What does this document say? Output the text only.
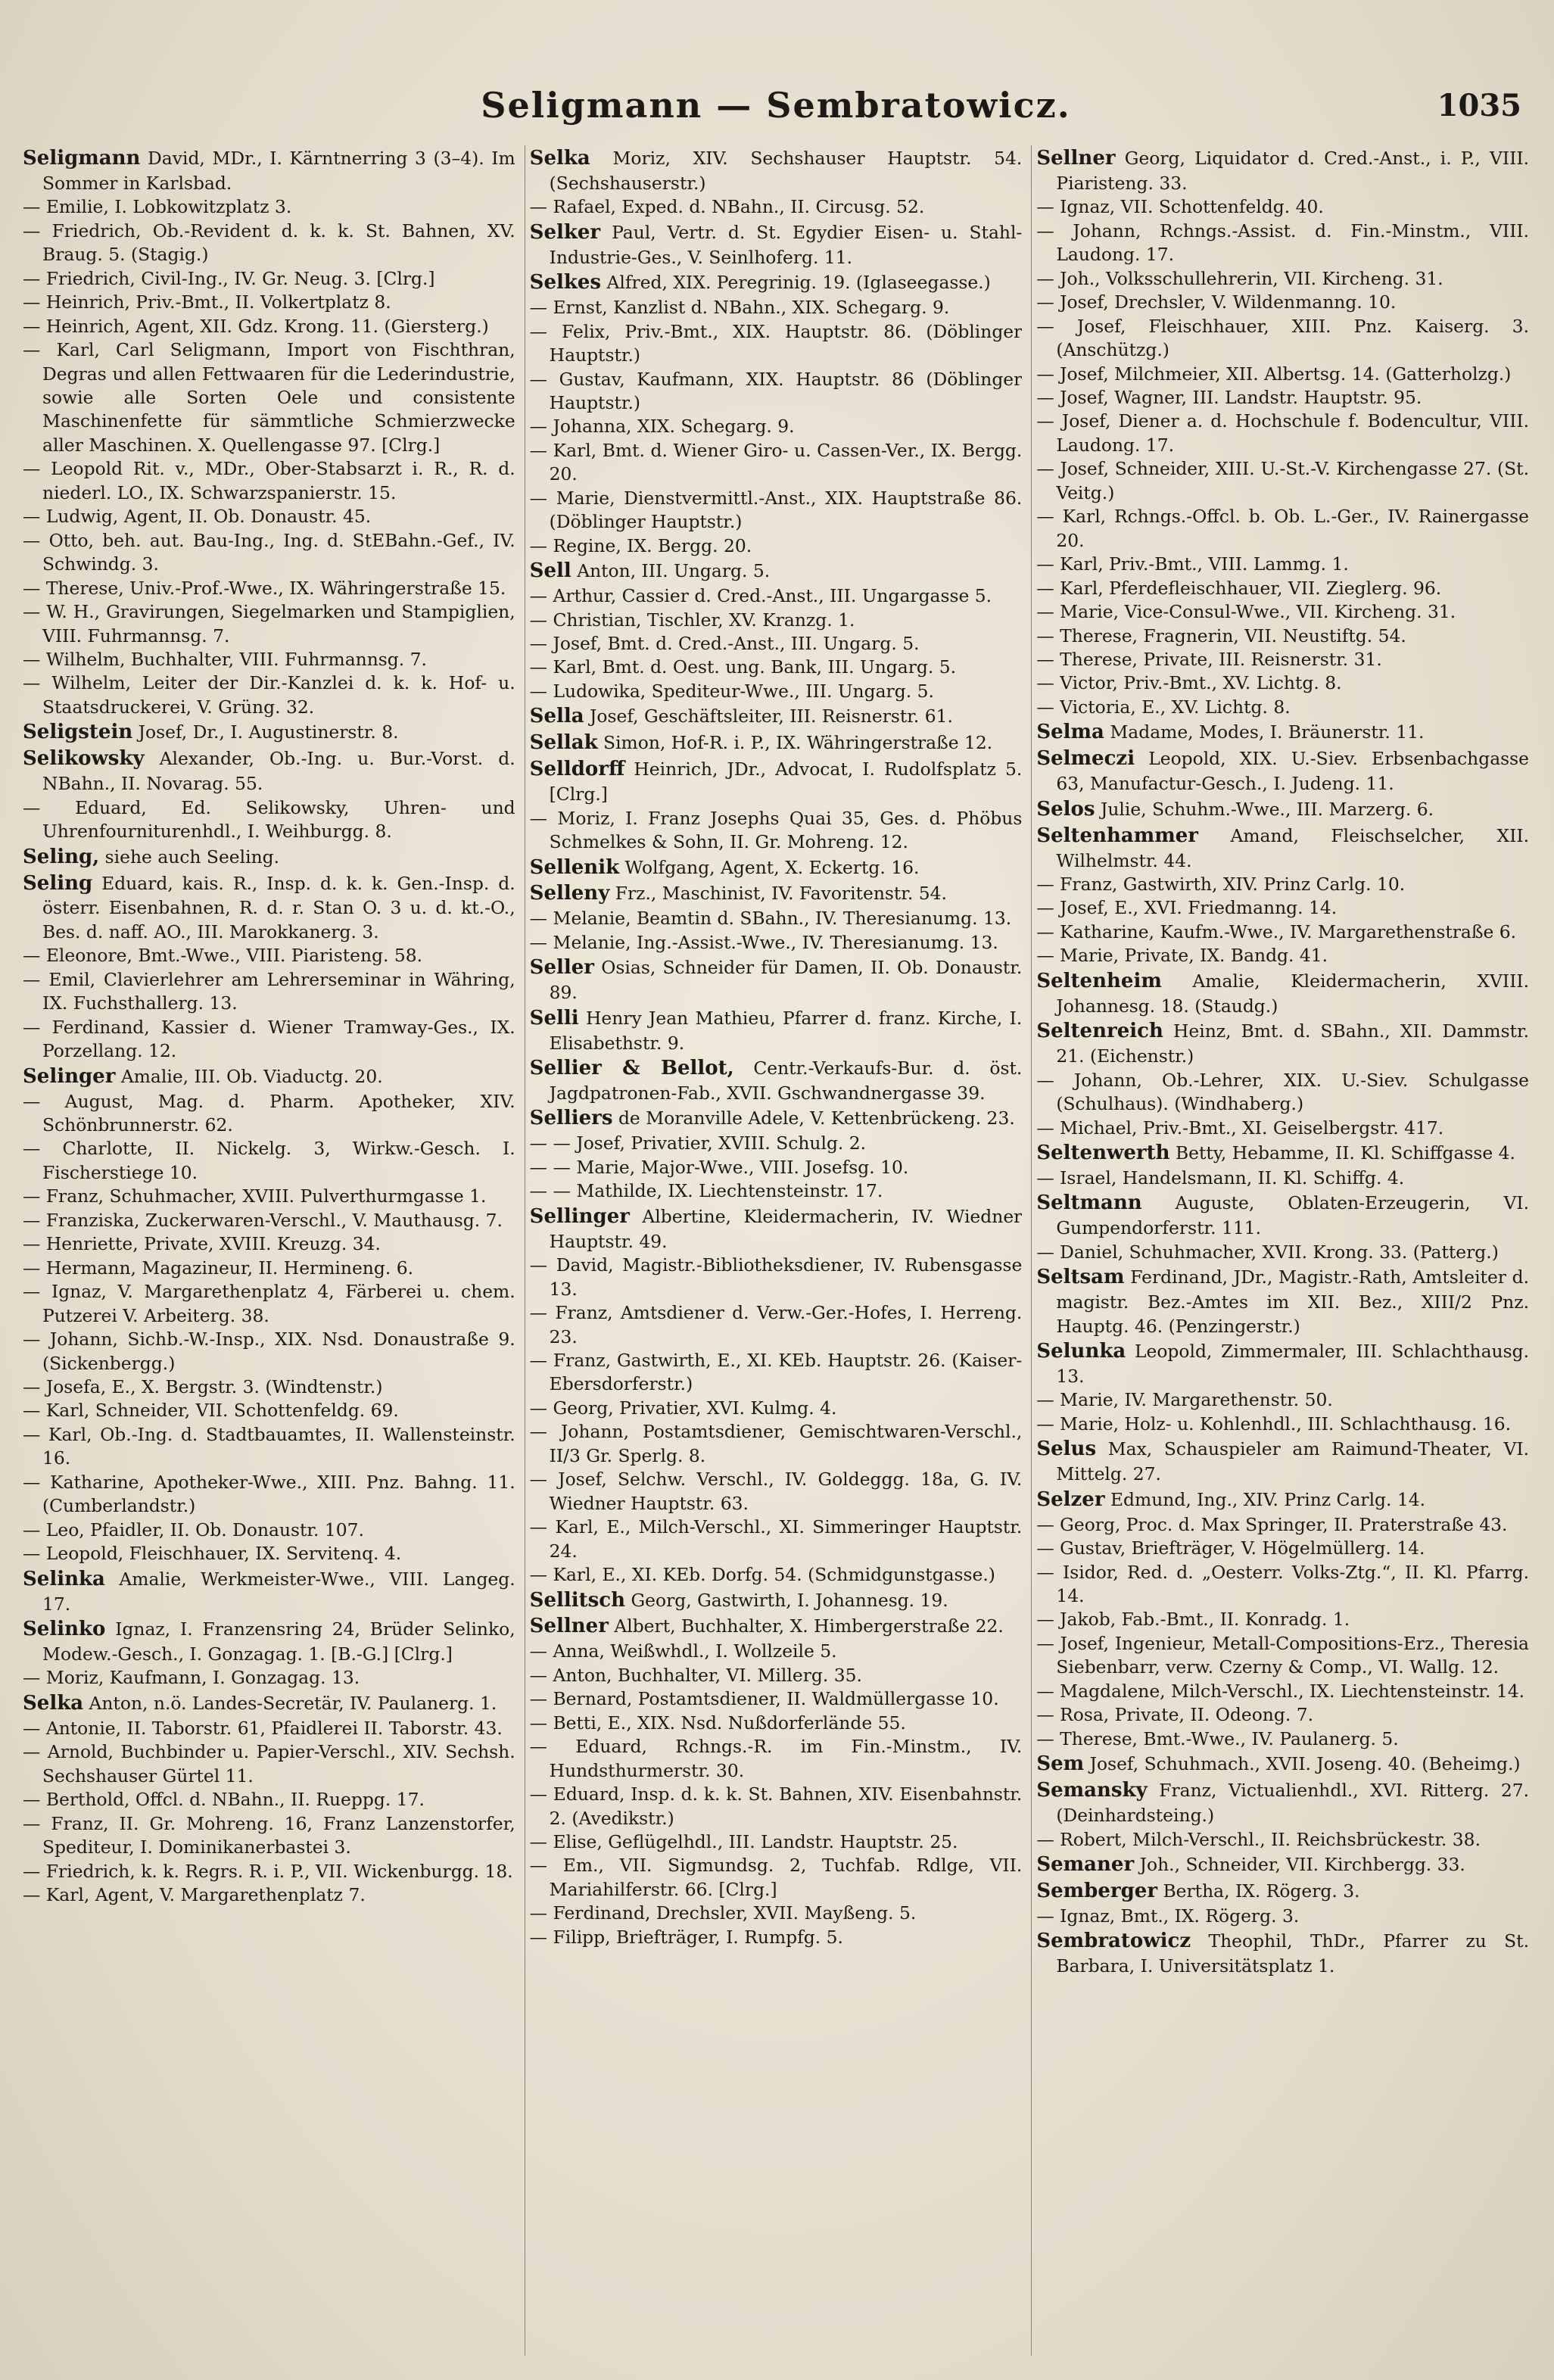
Seligmann — Sembratowicz.	1035

Seligmann David, MDr., I. Kärntnerring 3 (3–4). Im Sommer in Karlsbad.

— Emilie, I. Lobkowitzplatz 3.

— Friedrich, Ob.-Revident d. k. k. St. Bahnen, XV. Braug. 5. (Stagig.)

— Friedrich, Civil-Ing., IV. Gr. Neug. 3. [Clrg.]

— Heinrich, Priv.-Bmt., II. Volkertplatz 8.

— Heinrich, Agent, XII. Gdz. Krong. 11. (Giersterg.)

— Karl, Carl Seligmann, Import von Fischthran, Degras und allen Fettwaaren für die Lederindustrie, sowie alle Sorten Oele und consistente Maschinenfette für sämmtliche Schmierzwecke aller Maschinen. X. Quellengasse 97. [Clrg.]

— Leopold Rit. v., MDr., Ober-Stabsarzt i. R., R. d. niederl. LO., IX. Schwarzspanierstr. 15.

— Ludwig, Agent, II. Ob. Donaustr. 45.

— Otto, beh. aut. Bau-Ing., Ing. d. StEBahn.-Gef., IV. Schwindg. 3.

— Therese, Univ.-Prof.-Wwe., IX. Währingerstraße 15.

— W. H., Gravirungen, Siegelmarken und Stampiglien, VIII. Fuhrmannsg. 7.

— Wilhelm, Buchhalter, VIII. Fuhrmannsg. 7.

— Wilhelm, Leiter der Dir.-Kanzlei d. k. k. Hof- u. Staatsdruckerei, V. Grüng. 32.

Seligstein Josef, Dr., I. Augustinerstr. 8.

Selikowsky Alexander, Ob.-Ing. u. Bur.-Vorst. d. NBahn., II. Novarag. 55.

— Eduard, Ed. Selikowsky, Uhren- und Uhrenfourniturenhdl., I. Weihburgg. 8.

Seling, siehe auch Seeling.

Seling Eduard, kais. R., Insp. d. k. k. Gen.-Insp. d. österr. Eisenbahnen, R. d. r. Stan O. 3 u. d. kt.-O., Bes. d. naff. AO., III. Marokkanerg. 3.

— Eleonore, Bmt.-Wwe., VIII. Piaristeng. 58.

— Emil, Clavierlehrer am Lehrerseminar in Währing, IX. Fuchsthallerg. 13.

— Ferdinand, Kassier d. Wiener Tramway-Ges., IX. Porzellang. 12.

Selinger Amalie, III. Ob. Viaductg. 20.

— August, Mag. d. Pharm. Apotheker, XIV. Schönbrunnerstr. 62.

— Charlotte, II. Nickelg. 3, Wirkw.-Gesch. I. Fischerstiege 10.

— Franz, Schuhmacher, XVIII. Pulverthurmgasse 1.

— Franziska, Zuckerwaren-Verschl., V. Mauthausg. 7.

— Henriette, Private, XVIII. Kreuzg. 34.

— Hermann, Magazineur, II. Hermineng. 6.

— Ignaz, V. Margarethenplatz 4, Färberei u. chem. Putzerei V. Arbeiterg. 38.

— Johann, Sichb.-W.-Insp., XIX. Nsd. Donaustraße 9. (Sickenbergg.)

— Josefa, E., X. Bergstr. 3. (Windtenstr.)

— Karl, Schneider, VII. Schottenfeldg. 69.

— Karl, Ob.-Ing. d. Stadtbauamtes, II. Wallensteinstr. 16.

— Katharine, Apotheker-Wwe., XIII. Pnz. Bahng. 11. (Cumberlandstr.)

— Leo, Pfaidler, II. Ob. Donaustr. 107.

— Leopold, Fleischhauer, IX. Servitenq. 4.

Selinka Amalie, Werkmeister-Wwe., VIII. Langeg. 17.

Selinko Ignaz, I. Franzensring 24, Brüder Selinko, Modew.-Gesch., I. Gonzagag. 1. [B.-G.] [Clrg.]

— Moriz, Kaufmann, I. Gonzagag. 13.

Selka Anton, n.ö. Landes-Secretär, IV. Paulanerg. 1.

— Antonie, II. Taborstr. 61, Pfaidlerei II. Taborstr. 43.

— Arnold, Buchbinder u. Papier-Verschl., XIV. Sechsh. Sechshauser Gürtel 11.

— Berthold, Offcl. d. NBahn., II. Rueppg. 17.

— Franz, II. Gr. Mohreng. 16, Franz Lanzenstorfer, Spediteur, I. Dominikanerbastei 3.

— Friedrich, k. k. Regrs. R. i. P., VII. Wickenburgg. 18.

— Karl, Agent, V. Margarethenplatz 7.

Selka Moriz, XIV. Sechshauser Hauptstr. 54. (Sechshauserstr.)

— Rafael, Exped. d. NBahn., II. Circusg. 52.

Selker Paul, Vertr. d. St. Egydier Eisen- u. Stahl-Industrie-Ges., V. Seinlhoferg. 11.

Selkes Alfred, XIX. Peregrinig. 19. (Iglaseegasse.)

— Ernst, Kanzlist d. NBahn., XIX. Schegarg. 9.

— Felix, Priv.-Bmt., XIX. Hauptstr. 86. (Döblinger Hauptstr.)

— Gustav, Kaufmann, XIX. Hauptstr. 86 (Döblinger Hauptstr.)

— Johanna, XIX. Schegarg. 9.

— Karl, Bmt. d. Wiener Giro- u. Cassen-Ver., IX. Bergg. 20.

— Marie, Dienstvermittl.-Anst., XIX. Hauptstraße 86. (Döblinger Hauptstr.)

— Regine, IX. Bergg. 20.

Sell Anton, III. Ungarg. 5.

— Arthur, Cassier d. Cred.-Anst., III. Ungargasse 5.

— Christian, Tischler, XV. Kranzg. 1.

— Josef, Bmt. d. Cred.-Anst., III. Ungarg. 5.

— Karl, Bmt. d. Oest. ung. Bank, III. Ungarg. 5.

— Ludowika, Spediteur-Wwe., III. Ungarg. 5.

Sella Josef, Geschäftsleiter, III. Reisnerstr. 61.

Sellak Simon, Hof-R. i. P., IX. Währingerstraße 12.

Selldorff Heinrich, JDr., Advocat, I. Rudolfsplatz 5. [Clrg.]

— Moriz, I. Franz Josephs Quai 35, Ges. d. Phöbus Schmelkes & Sohn, II. Gr. Mohreng. 12.

Sellenik Wolfgang, Agent, X. Eckertg. 16.

Selleny Frz., Maschinist, IV. Favoritenstr. 54.

— Melanie, Beamtin d. SBahn., IV. Theresianumg. 13.

— Melanie, Ing.-Assist.-Wwe., IV. Theresianumg. 13.

Seller Osias, Schneider für Damen, II. Ob. Donaustr. 89.

Selli Henry Jean Mathieu, Pfarrer d. franz. Kirche, I. Elisabethstr. 9.

Sellier & Bellot, Centr.-Verkaufs-Bur. d. öst. Jagdpatronen-Fab., XVII. Gschwandnergasse 39.

Selliers de Moranville Adele, V. Kettenbrückeng. 23.

— — Josef, Privatier, XVIII. Schulg. 2.

— — Marie, Major-Wwe., VIII. Josefsg. 10.

— — Mathilde, IX. Liechtensteinstr. 17.

Sellinger Albertine, Kleidermacherin, IV. Wiedner Hauptstr. 49.

— David, Magistr.-Bibliotheksdiener, IV. Rubensgasse 13.

— Franz, Amtsdiener d. Verw.-Ger.-Hofes, I. Herreng. 23.

— Franz, Gastwirth, E., XI. KEb. Hauptstr. 26. (Kaiser-Ebersdorferstr.)

— Georg, Privatier, XVI. Kulmg. 4.

— Johann, Postamtsdiener, Gemischtwaren-Verschl., II/3 Gr. Sperlg. 8.

— Josef, Selchw. Verschl., IV. Goldeggg. 18a, G. IV. Wiedner Hauptstr. 63.

— Karl, E., Milch-Verschl., XI. Simmeringer Hauptstr. 24.

— Karl, E., XI. KEb. Dorfg. 54. (Schmidgunstgasse.)

Sellitsch Georg, Gastwirth, I. Johannesg. 19.

Sellner Albert, Buchhalter, X. Himbergerstraße 22.

— Anna, Weißwhdl., I. Wollzeile 5.

— Anton, Buchhalter, VI. Millerg. 35.

— Bernard, Postamtsdiener, II. Waldmüllergasse 10.

— Betti, E., XIX. Nsd. Nußdorferlände 55.

— Eduard, Rchngs.-R. im Fin.-Minstm., IV. Hundsthurmerstr. 30.

— Eduard, Insp. d. k. k. St. Bahnen, XIV. Eisenbahnstr. 2. (Avedikstr.)

— Elise, Geflügelhdl., III. Landstr. Hauptstr. 25.

— Em., VII. Sigmundsg. 2, Tuchfab. Rdlge, VII. Mariahilferstr. 66. [Clrg.]

— Ferdinand, Drechsler, XVII. Mayßeng. 5.

— Filipp, Briefträger, I. Rumpfg. 5.

Sellner Georg, Liquidator d. Cred.-Anst., i. P., VIII. Piaristeng. 33.

— Ignaz, VII. Schottenfeldg. 40.

— Johann, Rchngs.-Assist. d. Fin.-Minstm., VIII. Laudong. 17.

— Joh., Volksschullehrerin, VII. Kircheng. 31.

— Josef, Drechsler, V. Wildenmanng. 10.

— Josef, Fleischhauer, XIII. Pnz. Kaiserg. 3. (Anschützg.)

— Josef, Milchmeier, XII. Albertsg. 14. (Gatterholzg.)

— Josef, Wagner, III. Landstr. Hauptstr. 95.

— Josef, Diener a. d. Hochschule f. Bodencultur, VIII. Laudong. 17.

— Josef, Schneider, XIII. U.-St.-V. Kirchengasse 27. (St. Veitg.)

— Karl, Rchngs.-Offcl. b. Ob. L.-Ger., IV. Rainergasse 20.

— Karl, Priv.-Bmt., VIII. Lammg. 1.

— Karl, Pferdefleischhauer, VII. Zieglerg. 96.

— Marie, Vice-Consul-Wwe., VII. Kircheng. 31.

— Therese, Fragnerin, VII. Neustiftg. 54.

— Therese, Private, III. Reisnerstr. 31.

— Victor, Priv.-Bmt., XV. Lichtg. 8.

— Victoria, E., XV. Lichtg. 8.

Selma Madame, Modes, I. Bräunerstr. 11.

Selmeczi Leopold, XIX. U.-Siev. Erbsenbachgasse 63, Manufactur-Gesch., I. Judeng. 11.

Selos Julie, Schuhm.-Wwe., III. Marzerg. 6.

Seltenhammer Amand, Fleischselcher, XII. Wilhelmstr. 44.

— Franz, Gastwirth, XIV. Prinz Carlg. 10.

— Josef, E., XVI. Friedmanng. 14.

— Katharine, Kaufm.-Wwe., IV. Margarethenstraße 6.

— Marie, Private, IX. Bandg. 41.

Seltenheim Amalie, Kleidermacherin, XVIII. Johannesg. 18. (Staudg.)

Seltenreich Heinz, Bmt. d. SBahn., XII. Dammstr. 21. (Eichenstr.)

— Johann, Ob.-Lehrer, XIX. U.-Siev. Schulgasse (Schulhaus). (Windhaberg.)

— Michael, Priv.-Bmt., XI. Geiselbergstr. 417.

Seltenwerth Betty, Hebamme, II. Kl. Schiffgasse 4.

— Israel, Handelsmann, II. Kl. Schiffg. 4.

Seltmann Auguste, Oblaten-Erzeugerin, VI. Gumpendorferstr. 111.

— Daniel, Schuhmacher, XVII. Krong. 33. (Patterg.)

Seltsam Ferdinand, JDr., Magistr.-Rath, Amtsleiter d. magistr. Bez.-Amtes im XII. Bez., XIII/2 Pnz. Hauptg. 46. (Penzingerstr.)

Selunka Leopold, Zimmermaler, III. Schlachthausg. 13.

— Marie, IV. Margarethenstr. 50.

— Marie, Holz- u. Kohlenhdl., III. Schlachthausg. 16.

Selus Max, Schauspieler am Raimund-Theater, VI. Mittelg. 27.

Selzer Edmund, Ing., XIV. Prinz Carlg. 14.

— Georg, Proc. d. Max Springer, II. Praterstraße 43.

— Gustav, Briefträger, V. Högelmüllerg. 14.

— Isidor, Red. d. „Oesterr. Volks-Ztg.“, II. Kl. Pfarrg. 14.

— Jakob, Fab.-Bmt., II. Konradg. 1.

— Josef, Ingenieur, Metall-Compositions-Erz., Theresia Siebenbarr, verw. Czerny & Comp., VI. Wallg. 12.

— Magdalene, Milch-Verschl., IX. Liechtensteinstr. 14.

— Rosa, Private, II. Odeong. 7.

— Therese, Bmt.-Wwe., IV. Paulanerg. 5.

Sem Josef, Schuhmach., XVII. Joseng. 40. (Beheimg.)

Semansky Franz, Victualienhdl., XVI. Ritterg. 27. (Deinhardsteing.)

— Robert, Milch-Verschl., II. Reichsbrückestr. 38.

Semaner Joh., Schneider, VII. Kirchbergg. 33.

Semberger Bertha, IX. Rögerg. 3.

— Ignaz, Bmt., IX. Rögerg. 3.

Sembratowicz Theophil, ThDr., Pfarrer zu St. Barbara, I. Universitätsplatz 1.
